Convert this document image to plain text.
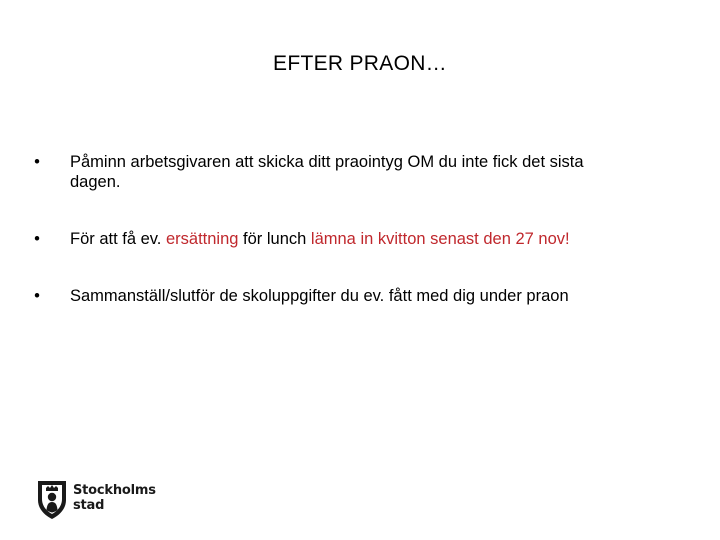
EFTER PRAON…
• Påminn arbetsgivaren att skicka ditt praointyg OM du inte fick det sista
dagen.
• För att få ev. ersättning för lunch lämna in kvitton senast den 27 nov!
• Sammanställ/slutför de skoluppgifter du ev. fått med dig under praon
Stockholms
stad
